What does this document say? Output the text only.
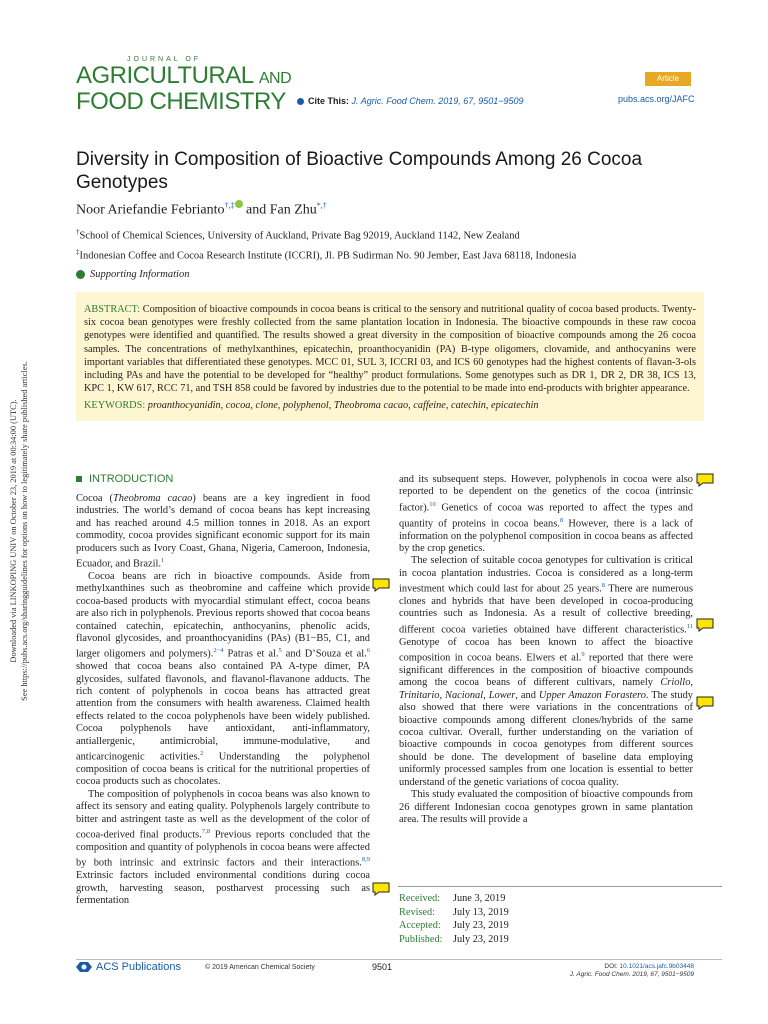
JOURNAL OF
AGRICULTURAL AND
FOOD CHEMISTRY
Article
Cite This: J. Agric. Food Chem. 2019, 67, 9501−9509	pubs.acs.org/JAFC
Diversity in Composition of Bioactive Compounds Among 26 Cocoa Genotypes
Noor Ariefandie Febrianto†,‡ and Fan Zhu*,†
†School of Chemical Sciences, University of Auckland, Private Bag 92019, Auckland 1142, New Zealand
‡Indonesian Coffee and Cocoa Research Institute (ICCRI), Jl. PB Sudirman No. 90 Jember, East Java 68118, Indonesia
Supporting Information
ABSTRACT: Composition of bioactive compounds in cocoa beans is critical to the sensory and nutritional quality of cocoa based products. Twenty-six cocoa bean genotypes were freshly collected from the same plantation location in Indonesia. The bioactive compounds in these raw cocoa genotypes were identified and quantified. The results showed a great diversity in the composition of bioactive compounds among the 26 cocoa samples. The concentrations of methylxanthines, epicatechin, proanthocyanidin (PA) B-type oligomers, clovamide, and anthocyanins were important variables that differentiated these genotypes. MCC 01, SUL 3, ICCRI 03, and ICS 60 genotypes had the highest contents of flavan-3-ols including PAs and have the potential to be developed for “healthy” product formulations. Some genotypes such as DR 1, DR 2, DR 38, ICS 13, KPC 1, KW 617, RCC 71, and TSH 858 could be favored by industries due to the potential to be made into end-products with brighter appearance.
KEYWORDS: proanthocyanidin, cocoa, clone, polyphenol, Theobroma cacao, caffeine, catechin, epicatechin
Downloaded via LINKOPING UNIV on October 23, 2019 at 00:34:00 (UTC). See https://pubs.acs.org/sharingguidelines for options on how to legitimately share published articles.	INTRODUCTION

Cocoa (Theobroma cacao) beans are a key ingredient in food industries. The world’s demand of cocoa beans has kept increasing and has reached around 4.5 million tonnes in 2018. As an export commodity, cocoa provides significant economic support for its main producers such as Ivory Coast, Ghana, Nigeria, Cameroon, Indonesia, Ecuador, and Brazil.$^1$

Cocoa beans are rich in bioactive compounds. Aside from methylxanthines such as theobromine and caffeine which provide cocoa-based products with myocardial stimulant effect, cocoa beans are also rich in polyphenols. Previous reports showed that cocoa beans contained catechin, epicatechin, anthocyanins, phenolic acids, flavonol glycosides, and proanthocyanidins (PAs) (B1−B5, C1, and larger oligomers and polymers).$^{2-4}$ Patras et al.$^5$ and D’Souza et al.$^6$ showed that cocoa beans also contained PA A-type dimer, PA glycosides, sulfated flavonols, and flavanol-flavanone adducts. The rich content of polyphenols in cocoa beans has attracted great attention from the consumers with health awareness. Claimed health effects related to the cocoa polyphenols have been widely published. Cocoa polyphenols have antioxidant, anti-inflammatory, antiallergenic, antimicrobial, immune-modulative, and anticarcinogenic activities.$^2$ Understanding the polyphenol composition of cocoa beans is critical for the nutritional properties of cocoa products such as chocolates.

The composition of polyphenols in cocoa beans was also known to affect its sensory and eating quality. Polyphenols largely contribute to bitter and astringent taste as well as the development of the color of cocoa-derived final products.$^{7,8}$ Previous reports concluded that the composition and quantity of polyphenols in cocoa beans were affected by both intrinsic and extrinsic factors and their interactions.$^{8,9}$ Extrinsic factors included environmental conditions during cocoa growth, harvesting season, postharvest processing such as fermentation

and its subsequent steps. However, polyphenols in cocoa were also reported to be dependent on the genetics of the cocoa (intrinsic factor).$^{10}$ Genetics of cocoa was reported to affect the types and quantity of proteins in cocoa beans.$^8$ However, there is a lack of information on the polyphenol composition in cocoa beans as affected by the crop genetics.

The selection of suitable cocoa genotypes for cultivation is critical in cocoa plantation industries. Cocoa is considered as a long-term investment which could last for about 25 years.$^8$ There are numerous clones and hybrids that have been developed in cocoa-producing countries such as Indonesia. As a result of collective breeding, different cocoa varieties obtained have different characteristics.$^{11}$ Genotype of cocoa has been known to affect the bioactive composition in cocoa beans. Elwers et al.$^9$ reported that there were significant differences in the composition of bioactive compounds among the cocoa beans of different cultivars, namely Criollo, Trinitario, Nacional, Lower, and Upper Amazon Forastero. The study also showed that there were variations in the concentrations of bioactive compounds among different clones/hybrids of the same cocoa cultivar. Overall, further understanding on the variation of bioactive compounds in cocoa genotypes from different sources should be done. The development of baseline data employing uniformly processed samples from one location is essential to better understand of the genetic variations of cocoa quality.

This study evaluated the composition of bioactive compounds from 26 different Indonesian cocoa genotypes grown in same plantation area. The results will provide a

Received: June 3, 2019
Revised: July 13, 2019
Accepted: July 23, 2019
Published: July 23, 2019
ACS Publications	© 2019 American Chemical Society	9501	DOI: 10.1021/acs.jafc.9b03448
J. Agric. Food Chem. 2019, 67, 9501−9509
